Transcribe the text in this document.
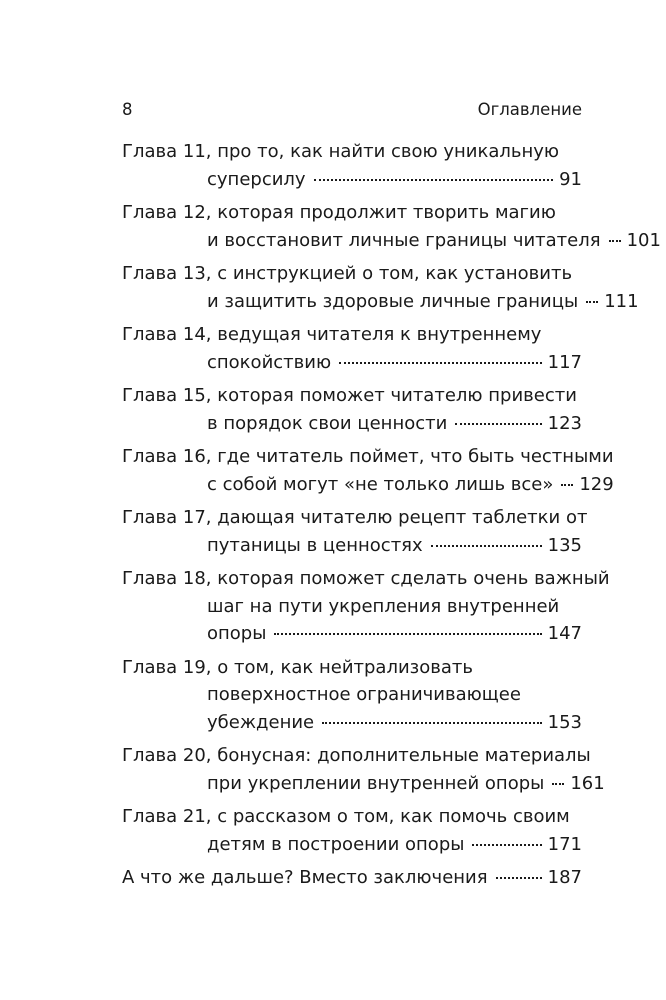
8	Оглавление
Глава 11, про то, как найти свою уникальную
суперсилу	91
Глава 12, которая продолжит творить магию
и восстановит личные границы читателя 101
Глава 13, с инструкцией о том, как установить
и защитить здоровые личные границы 111
Глава 14, ведущая читателя к внутреннему
спокойствию	117
Глава 15, которая поможет читателю привести
в порядок свои ценности	123
Глава 16, где читатель поймет, что быть честными
с собой могут «не только лишь все» 129
Глава 17, дающая читателю рецепт таблетки от
путаницы в ценностях	135
Глава 18, которая поможет сделать очень важный
шаг на пути укрепления внутренней
опоры	147
Глава 19, о том, как нейтрализовать
поверхностное ограничивающее
убеждение	153
Глава 20, бонусная: дополнительные материалы
при укреплении внутренней опоры 161
Глава 21, с рассказом о том, как помочь своим
детям в построении опоры	171
А что же дальше? Вместо заключения	187
